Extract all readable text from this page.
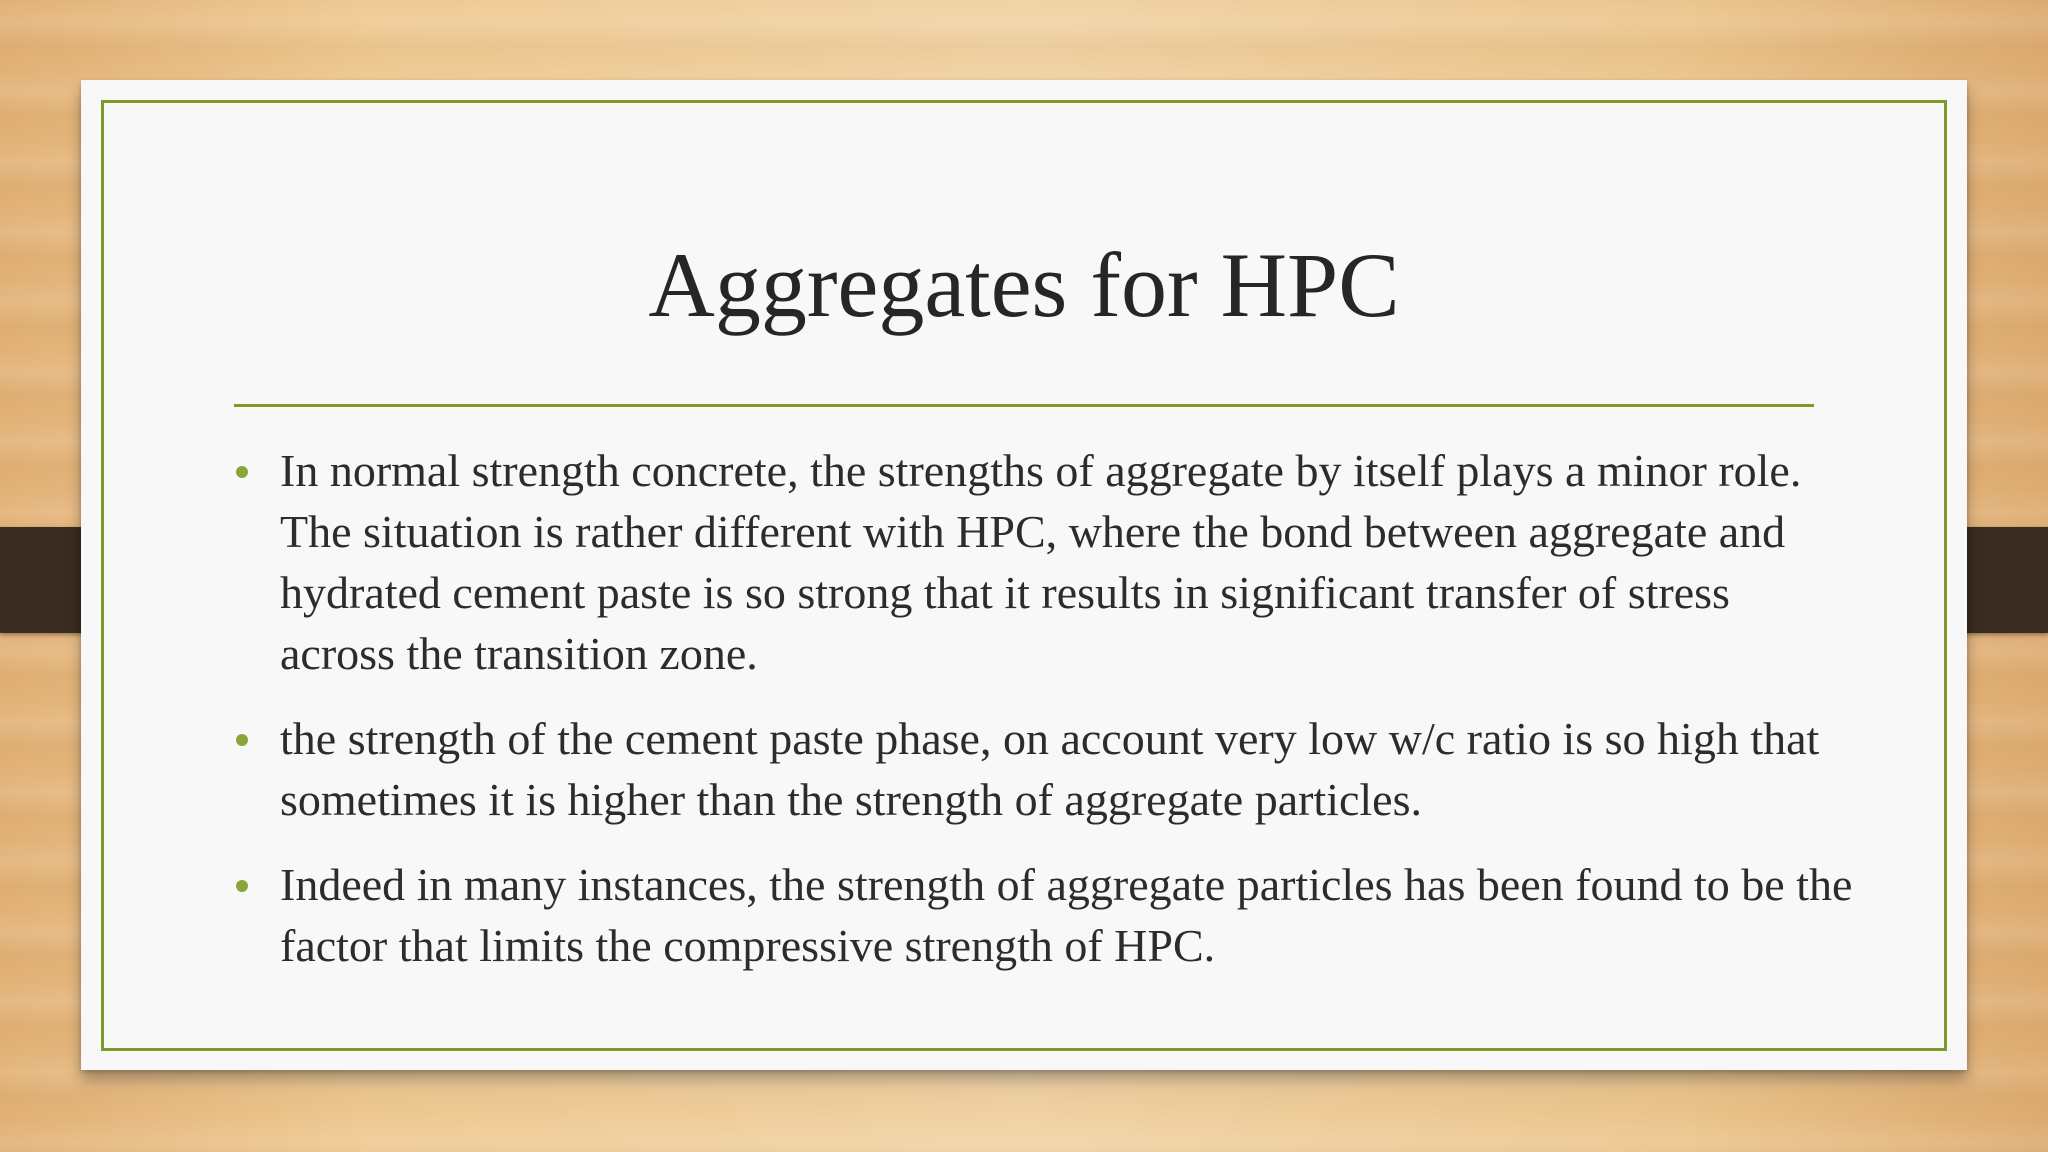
Aggregates for HPC
In normal strength concrete, the strengths of aggregate by itself plays a minor role. The situation is rather different with HPC, where the bond between aggregate and hydrated cement paste is so strong that it results in significant transfer of stress across the transition zone.
the strength of the cement paste phase, on account very low w/c ratio is so high that sometimes it is higher than the strength of aggregate particles.
Indeed in many instances, the strength of aggregate particles has been found to be the factor that limits the compressive strength of HPC.
